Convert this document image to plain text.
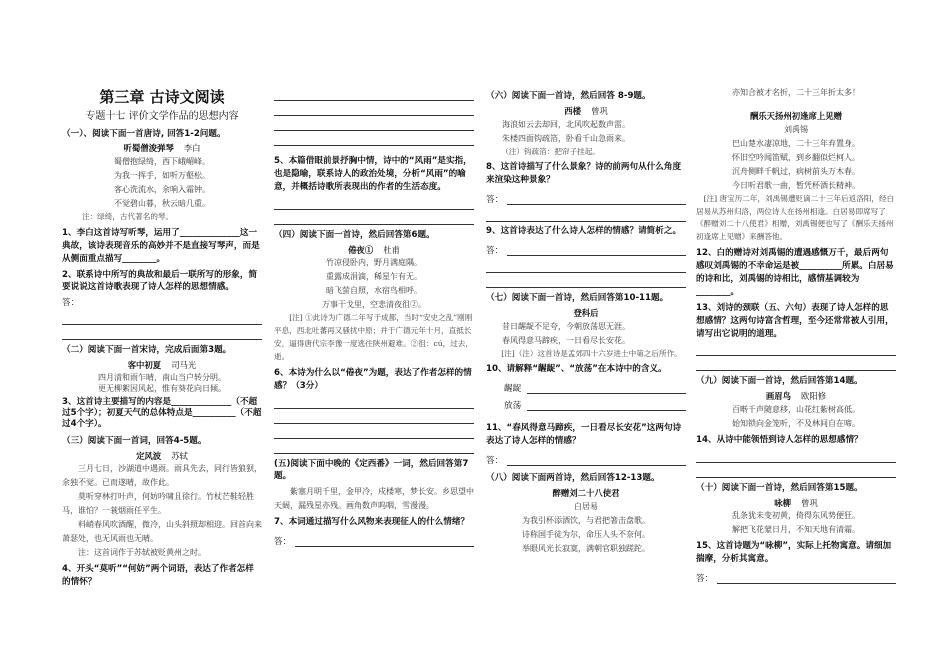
第三章 古诗文阅读

专题十七 评价文学作品的思想内容

（一）、阅读下面一首唐诗, 回答1-2问题。
听蜀僧浚弹琴 李白
蜀僧抱绿绮，西下峨嵋峰。
为我一挥手，如听万壑松。
客心洗流水，余响入霜钟。
不觉碧山暮，秋云暗几重。
注：绿绮，古代著名的琴。
1、李白这首诗写听琴，运用了______________这一典故，该诗表现音乐的高妙并不是直接写琴声，而是从侧面重点描写________。
2、联系诗中所写的典故和最后一联所写的形象，简要说说这首诗歌表现了诗人怎样的思想情感。
答：
（二）阅读下面一首宋诗，完成后面第3题。
客中初夏 司马光
四月清和雨乍晴，南山当户转分明。
更无柳絮因风起，惟有葵花向日倾。
3、这首诗主要描写的内容是______________（不超过5个字）；初夏天气的总体特点是__________（不超过4个字）。
（三）阅读下面一首词，回答4-5题。
定风波 苏轼
三月七日，沙湖道中遇雨。雨具先去，同行皆狼狈，余独不觉。已而遂晴，故作此。
莫听穿林打叶声，何妨吟啸且徐行。竹杖芒鞋轻胜马，谁怕？一蓑烟雨任平生。
料峭春风吹酒醒，微冷，山头斜照却相迎。回首向来萧瑟处，也无风雨也无晴。
注：这首词作于苏轼被贬黄州之时。
4、开头“莫听”“何妨”两个词语，表达了作者怎样的情怀？
5、本篇借眼前景抒胸中情，诗中的“风雨”是实指，也是隐喻，联系诗人的政治处境，分析“风雨”的喻意，并概括诗歌所表现出的作者的生活态度。
（四）阅读下面一首诗，然后回答第6题。
倦夜① 杜甫
竹凉侵卧内，野月满庭隅。
重露成涓滴，稀星乍有无。
暗飞萤自照，水宿鸟相呼。
万事干戈里，空悲清夜徂②。
[注] ①此诗为广德二年写于成都，当时“安史之乱”刚刚平息，西北吐蕃再又骚扰中原；并于广德元年十月，直抵长安，逼得唐代宗李豫一度逃往陕州避难。②徂：cú，过去，逝。
6、本诗为什么以“倦夜”为题，表达了作者怎样的情感？（3分）
(五)阅读下面中晚的《定西番》一词，然后回答第7题。
紫塞月明千里，金甲冷，戍楼寒，梦长安。乡思望中天阔，漏残星亦残。画角数声呜咽，雪漫漫。
7、本词通过描写什么风物来表现征人的什么情绪？
答：
（六）阅读下面一首诗，然后回答 8-9题。
西楼 曾巩
海浪如云去却回，北风吹起数声雷。
朱楼四面钩疏箔，卧看千山急雨来。
（注）钩疏箔：把帘子挂起。
8、这首诗描写了什么景象？诗的前两句从什么角度来渲染这种景象？
答：
9、这首诗表达了什么诗人怎样的情感？请简析之。
答：
（七）阅读下面一首诗，然后回答第10-11题。
登科后
昔日龌龊不足夸，今朝放荡思无涯。
春风得意马蹄疾，一日看尽长安花。
[注]（注）这首诗是孟郊四十六岁进士中第之后所作。
10、请解释“龌龊”、“放荡”在本诗中的含义。
龌龊
放荡
11、“春风得意马蹄疾，一日看尽长安花”这两句诗表达了诗人怎样的情感？
答：
（八）阅读下面两首诗，然后回答12-13题。
醉赠刘二十八使君
白居易
为我引杯添酒饮，与君把箸击盘歌。
诗称国手徒为尔，命压人头不奈何。
举眼风光长寂寞，满朝官职独蹉跎。
亦知合被才名折，二十三年折太多！
酬乐天扬州初逢席上见赠
刘禹锡
巴山楚水凄凉地，二十三年弃置身。
怀旧空吟闻笛赋，到乡翻似烂柯人。
沉舟侧畔千帆过，病树前头万木春。
今日听君歌一曲，暂凭杯酒长精神。
[注] 唐宝历二年，刘禹锡遭贬谪二十三年后返洛阳，经白居易从苏州归洛，两位诗人在扬州相逢。白居易即席写了《醉赠刘二十八使君》相赠，刘禹锡便也写了《酬乐天扬州初逢席上见赠》来酬答他。
12、白的赠诗对刘禹锡的遭遇感慨万千，最后两句感叹刘禹锡的不幸命运是被__________所累。白居易的诗和比，刘禹锡的诗相比，感情基调较为________。
13、刘诗的颈联（五、六句）表现了诗人怎样的思想感情？这两句诗富含哲理，至今还常常被人引用，请写出它说明的道理。
（九）阅读下面一首诗，然后回答第14题。
画眉鸟 欧阳修
百啭千声随意移，山花红紫树高低。
始知锁向金笼听，不及林间自在啼。
14、从诗中能领悟到诗人怎样的思想感情？
（十）阅读下面一首诗，然后回答第15题。
咏柳 曾巩
乱条犹未变初黄，倚得东风势便狂。
解把飞花蒙日月，不知天地有清霜。
15、这首诗题为“咏柳”，实际上托物寓意。请细加揣摩，分析其寓意。
答：
